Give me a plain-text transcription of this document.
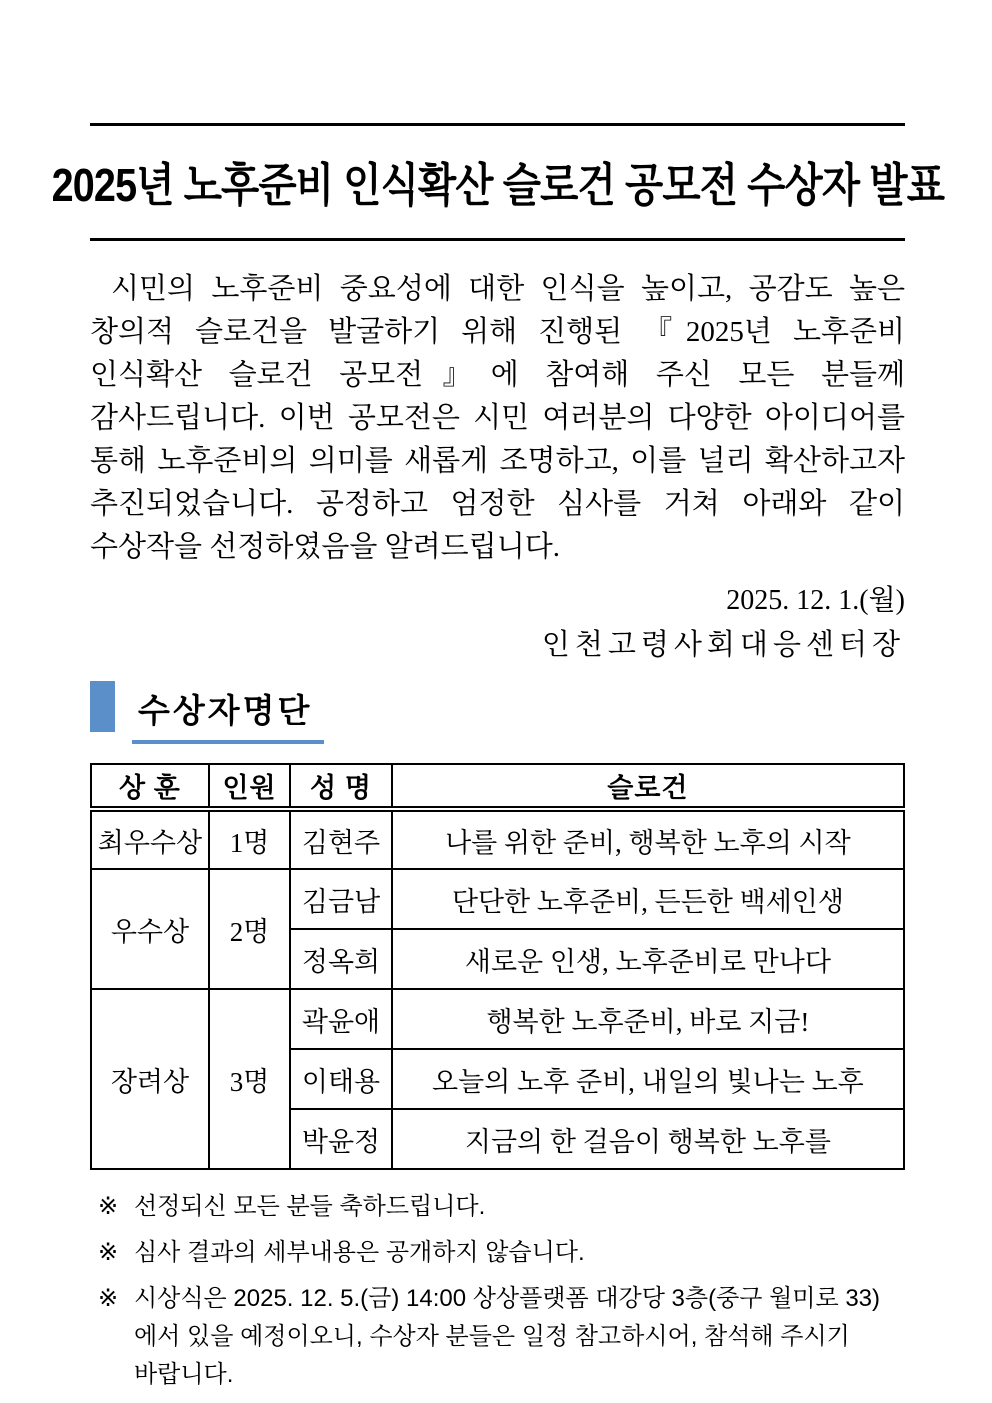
2025년 노후준비 인식확산 슬로건 공모전 수상자 발표

시민의 노후준비 중요성에 대한 인식을 높이고, 공감도 높은 창의적 슬로건을 발굴하기 위해 진행된 『2025년 노후준비 인식확산 슬로건 공모전』에 참여해 주신 모든 분들께 감사드립니다. 이번 공모전은 시민 여러분의 다양한 아이디어를 통해 노후준비의 의미를 새롭게 조명하고, 이를 널리 확산하고자 추진되었습니다. 공정하고 엄정한 심사를 거쳐 아래와 같이 수상작을 선정하였음을 알려드립니다.

2025. 12. 1.(월)
인천고령사회대응센터장
수상자명단
상 훈	인원	성 명	슬로건
최우수상	1명	김현주	나를 위한 준비, 행복한 노후의 시작
우수상	2명	김금남	단단한 노후준비, 든든한 백세인생
		정옥희	새로운 인생, 노후준비로 만나다
장려상	3명	곽윤애	행복한 노후준비, 바로 지금!
		이태용	오늘의 노후 준비, 내일의 빛나는 노후
		박윤정	지금의 한 걸음이 행복한 노후를
※ 선정되신 모든 분들 축하드립니다.
※ 심사 결과의 세부내용은 공개하지 않습니다.
※ 시상식은 2025. 12. 5.(금) 14:00 상상플랫폼 대강당 3층(중구 월미로 33)에서 있을 예정이오니, 수상자 분들은 일정 참고하시어, 참석해 주시기 바랍니다.
